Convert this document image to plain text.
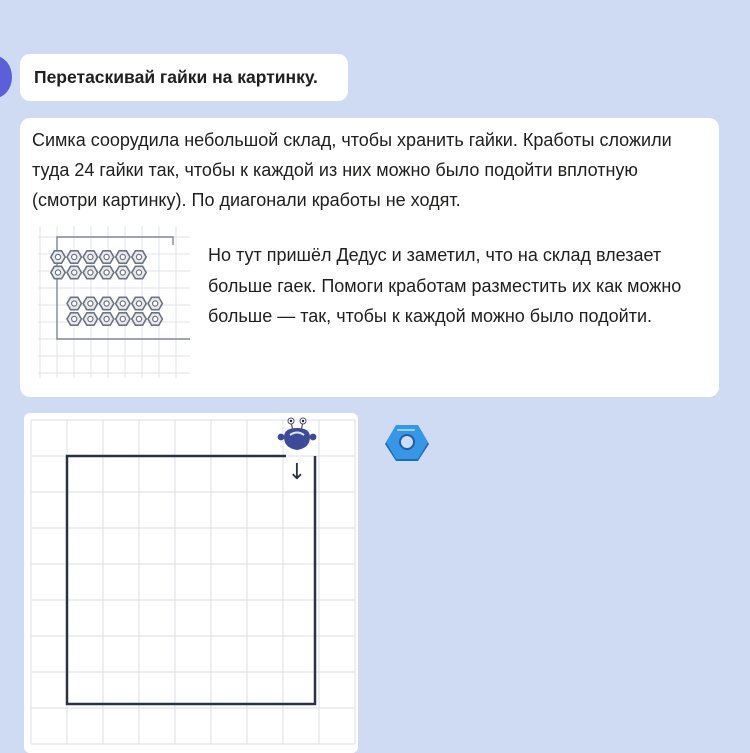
Перетаскивай гайки на картинку.

Симка соорудила небольшой склад, чтобы хранить гайки. Кработы сложили туда 24 гайки так, чтобы к каждой из них можно было подойти вплотную (смотри картинку). По диагонали кработы не ходят.

Но тут пришёл Дедус и заметил, что на склад влезает больше гаек. Помоги кработам разместить их как можно больше — так, чтобы к каждой можно было подойти.

↓
